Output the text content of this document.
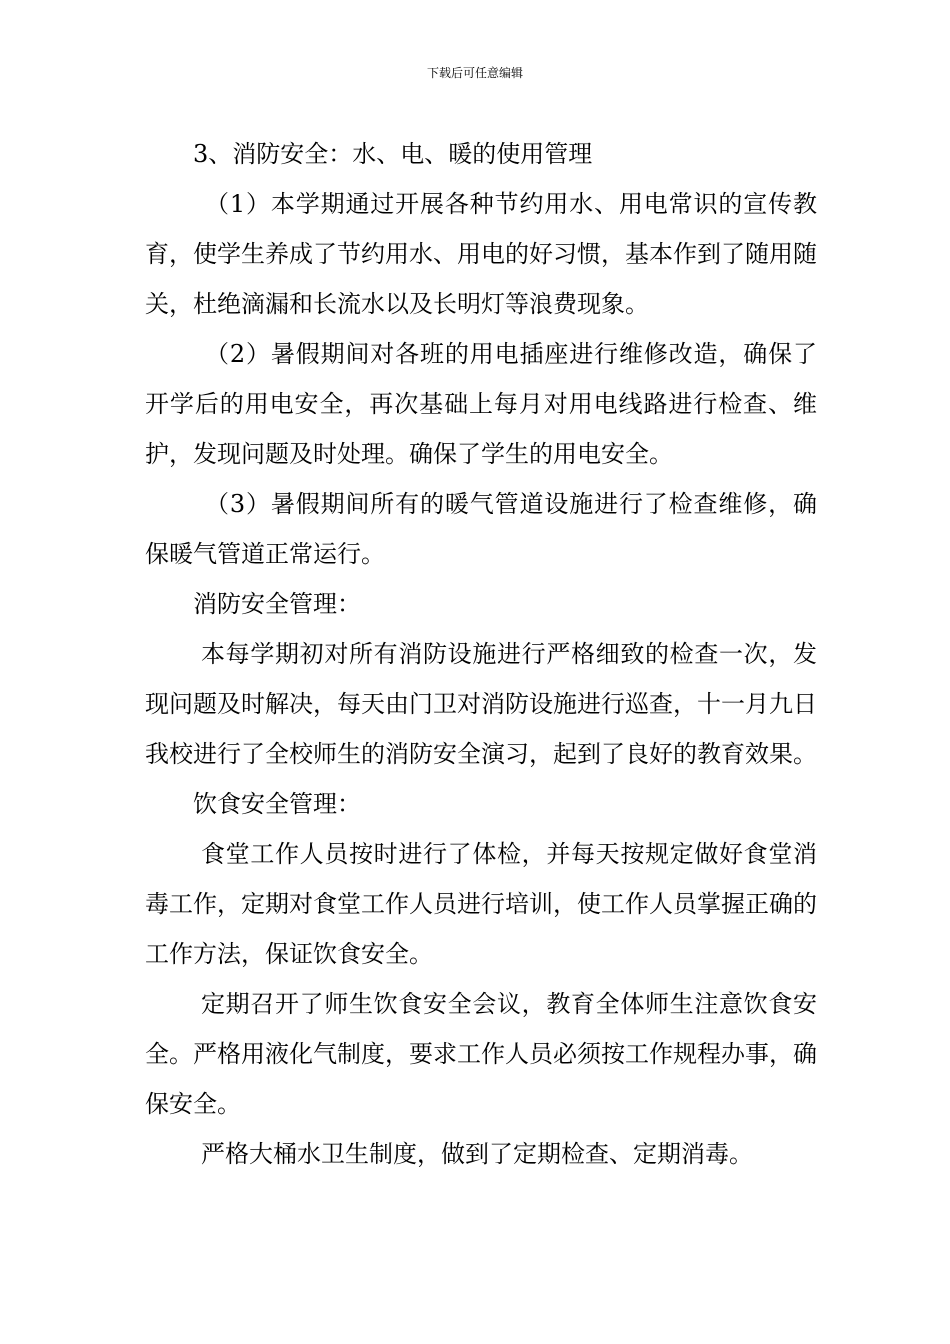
下载后可任意编辑

3、消防安全：水、电、暖的使用管理

（1）本学期通过开展各种节约用水、用电常识的宣传教育，使学生养成了节约用水、用电的好习惯，基本作到了随用随关，杜绝滴漏和长流水以及长明灯等浪费现象。

（2）暑假期间对各班的用电插座进行维修改造，确保了开学后的用电安全，再次基础上每月对用电线路进行检查、维护，发现问题及时处理。确保了学生的用电安全。

（3）暑假期间所有的暖气管道设施进行了检查维修，确保暖气管道正常运行。

消防安全管理：

本每学期初对所有消防设施进行严格细致的检查一次，发现问题及时解决，每天由门卫对消防设施进行巡查，十一月九日我校进行了全校师生的消防安全演习，起到了良好的教育效果。

饮食安全管理：

食堂工作人员按时进行了体检，并每天按规定做好食堂消毒工作，定期对食堂工作人员进行培训，使工作人员掌握正确的工作方法，保证饮食安全。

定期召开了师生饮食安全会议，教育全体师生注意饮食安全。严格用液化气制度，要求工作人员必须按工作规程办事，确保安全。

严格大桶水卫生制度，做到了定期检查、定期消毒。
